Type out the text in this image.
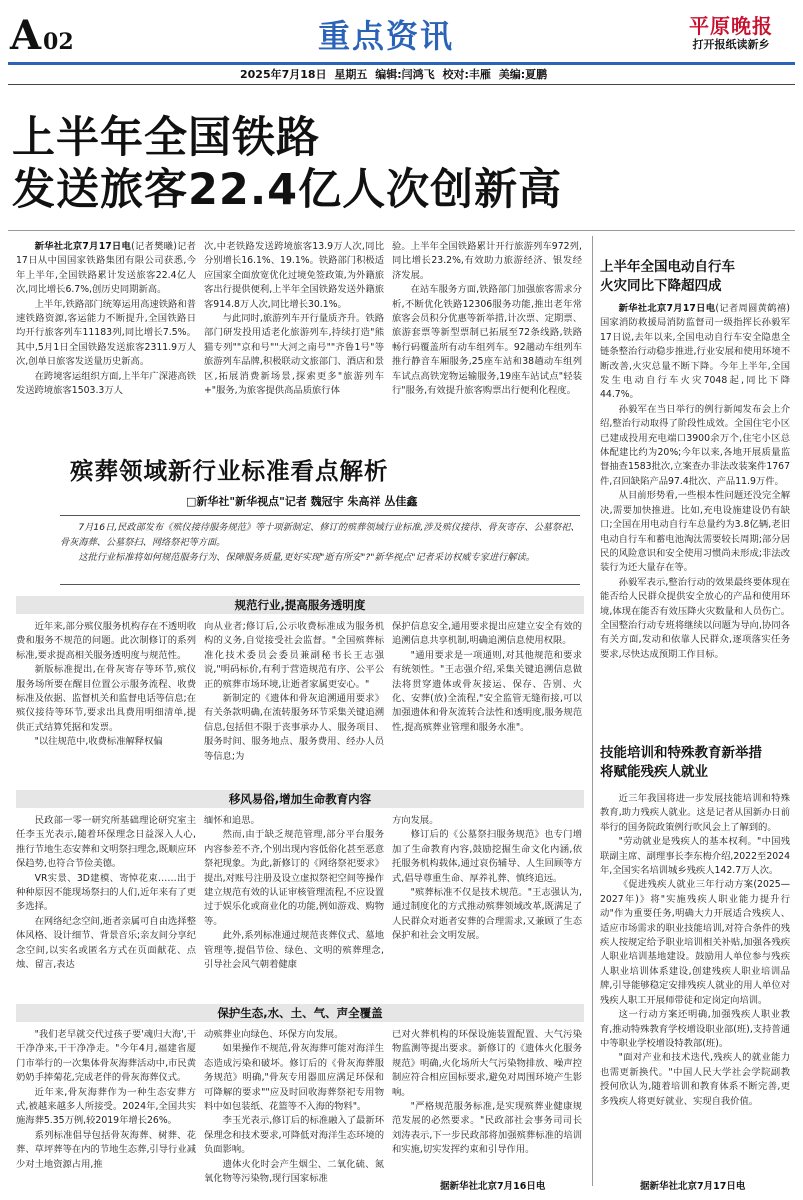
A02	重点资讯	平原晚报
打开报纸读新乡
2025年7月18日 星期五 编辑:闫鸿飞 校对:丰雁 美编:夏鹏
上半年全国铁路
发送旅客22.4亿人次创新高

新华社北京7月17日电(记者樊曦)记者17日从中国国家铁路集团有限公司获悉,今年上半年,全国铁路累计发送旅客22.4亿人次,同比增长6.7%,创历史同期新高。

上半年,铁路部门统筹运用高速铁路和普速铁路资源,客运能力不断提升,全国铁路日均开行旅客列车11183列,同比增长7.5%。其中,5月1日全国铁路发送旅客2311.9万人次,创单日旅客发送量历史新高。

在跨境客运组织方面,上半年广深港高铁发送跨境旅客1503.3万人

次,中老铁路发送跨境旅客13.9万人次,同比分别增长16.1%、19.1%。铁路部门积极适应国家全面放宽优化过境免签政策,为外籍旅客出行提供便利,上半年全国铁路发送外籍旅客914.8万人次,同比增长30.1%。

与此同时,旅游列车开行量质齐升。铁路部门研发投用适老化旅游列车,持续打造"熊猫专列""京和号""大河之南号""齐鲁1号"等旅游列车品牌,积极联动文旅部门、酒店和景区,拓展消费新场景,探索更多"旅游列车+"服务,为旅客提供高品质旅行体

验。上半年全国铁路累计开行旅游列车972列,同比增长23.2%,有效助力旅游经济、银发经济发展。

在站车服务方面,铁路部门加强旅客需求分析,不断优化铁路12306服务功能,推出老年常旅客会员积分优惠等新举措,计次票、定期票、旅游套票等新型票制已拓展至72条线路,铁路畅行码覆盖所有动车组列车。92趟动车组列车推行静音车厢服务,25座车站和38趟动车组列车试点高铁宠物运输服务,19座车站试点"轻装行"服务,有效提升旅客购票出行便利化程度。

上半年全国电动自行车
火灾同比下降超四成

新华社北京7月17日电(记者周圆黄鹤禧)国家消防救援局消防监督司一级指挥长孙毅军17日说,去年以来,全国电动自行车安全隐患全链条整治行动稳步推进,行业安展和使用环境不断改善,火灾总量不断下降。今年上半年,全国发生电动自行车火灾7048起,同比下降44.7%。

孙毅军在当日举行的例行新闻发布会上介绍,整治行动取得了阶段性成效。全国住宅小区已建成投用充电端口3900余万个,住宅小区总体配建比约为20%;今年以来,各地开展质量监督抽查1583批次,立案查办非法改装案件1767件,召回缺陷产品97.4批次、产品11.9万件。

从目前形势看,一些根本性问题还没完全解决,需要加快推进。比如,充电设施建设仍有缺口;全国在用电动自行车总量约为3.8亿辆,老旧电动自行车和蓄电池淘汰需要较长周期;部分居民的风险意识和安全使用习惯尚未形成;非法改装行为还大量存在等。

孙毅军表示,整治行动的效果最终要体现在能否给人民群众提供安全放心的产品和使用环境,体现在能否有效压降火灾数量和人员伤亡。全国整治行动专班将继续以问题为导向,协同各有关方面,发动和依靠人民群众,逐项落实任务要求,尽快达成预期工作目标。

技能培训和特殊教育新举措
将赋能残疾人就业

近三年我国将进一步发展技能培训和特殊教育,助力残疾人就业。这是记者从国新办日前举行的国务院政策例行吹风会上了解到的。

"劳动就业是残疾人的基本权利。"中国残联副主席、副理事长李东梅介绍,2022至2024年,全国实名培训城乡残疾人142.7万人次。

《促进残疾人就业三年行动方案(2025—2027年)》将"实施残疾人职业能力提升行动"作为重要任务,明确大力开展适合残疾人、适应市场需求的职业技能培训,对符合条件的残疾人按规定给予职业培训相关补贴,加强各残疾人职业培训基地建设。鼓励用人单位参与残疾人职业培训体系建设,创建残疾人职业培训品牌,引导能够稳定安排残疾人就业的用人单位对残疾人职工开展师带徒和定岗定向培训。

这一行动方案还明确,加强残疾人职业教育,推动特殊教育学校增设职业部(班),支持普通中等职业学校增设特教部(班)。

"面对产业和技术迭代,残疾人的就业能力也需更新换代。"中国人民大学社会学院副教授何欣认为,随着培训和教育体系不断完善,更多残疾人将更好就业、实现自我价值。

据新华社北京7月17日电
殡葬领域新行业标准看点解析
□新华社"新华视点"记者 魏冠宇 朱高祥 丛佳鑫

7月16日,民政部发布《殡仪接待服务规范》等十项新制定、修订的殡葬领域行业标准,涉及殡仪接待、骨灰寄存、公墓祭祀、骨灰海葬、公墓祭扫、网络祭祀等方面。

这批行业标准将如何规范服务行为、保障服务质量,更好实现"逝有所安"?"新华视点"记者采访权威专家进行解读。

规范行业,提高服务透明度

近年来,部分殡仪服务机构存在不透明收费和服务不规范的问题。此次制修订的系列标准,要求提高相关服务透明度与规范性。

新版标准提出,在骨灰寄存等环节,殡仪服务场所要在醒目位置公示服务流程、收费标准及依据、监督机关和监督电话等信息;在殡仪接待等环节,要求出具费用明细清单,提供正式结算凭据和发票。

"以往规范中,收费标准解释权偏

向从业者;修订后,公示收费标准成为服务机构的义务,自觉接受社会监督。"全国殡葬标准化技术委员会委员兼副秘书长王志强说,"明码标价,有利于营造规范有序、公平公正的殡葬市场环境,让逝者家属更安心。"

新制定的《遗体和骨灰追溯通用要求》有关条款明确,在流转服务环节采集关键追溯信息,包括但不限于丧事承办人、服务项目、服务时间、服务地点、服务费用、经办人员等信息;为

保护信息安全,通用要求提出应建立安全有效的追溯信息共享机制,明确追溯信息使用权限。

"通用要求是一项通则,对其他规范和要求有统领性。"王志强介绍,采集关键追溯信息做法将贯穿遗体或骨灰接运、保存、告别、火化、安葬(放)全流程,"安全监管无缝衔接,可以加强遗体和骨灰流转合法性和透明度,服务规范性,提高殡葬业管理和服务水准"。

移风易俗,增加生命教育内容

民政部一零一研究所基础理论研究室主任李玉光表示,随着环保理念日益深入人心,推行节地生态安葬和文明祭扫理念,既顺应环保趋势,也符合节俭美德。

VR实景、3D建模、寄悼花束……出于种种原因不能现场祭扫的人们,近年来有了更多选择。

在网络纪念空间,逝者亲属可自由选择整体风格、设计细节、背景音乐;亲友间分享纪念空间,以实名或匿名方式在页面献花、点烛、留言,表达

缅怀和追思。

然而,由于缺乏规范管理,部分平台服务内容参差不齐,个别出现内容低俗化甚至恶意祭祀现象。为此,新修订的《网络祭祀要求》提出,对账号注册及设立虚拟祭祀空间等操作建立规范有效的认证审核管理流程,不应设置过于娱乐化或商业化的功能,例如游戏、购物等。

此外,系列标准通过规范丧葬仪式、墓地管理等,提倡节俭、绿色、文明的殡葬理念,引导社会风气朝着健康

方向发展。

修订后的《公墓祭扫服务规范》也专门增加了生命教育内容,鼓励挖掘生命文化内涵,依托服务机构载体,通过哀伤辅导、人生回顾等方式,倡导尊重生命、厚养礼葬、慎终追远。

"殡葬标准不仅是技术规范。"王志强认为,通过制度化的方式推动殡葬领域改革,既满足了人民群众对逝者安葬的合理需求,又兼顾了生态保护和社会文明发展。

保护生态,水、土、气、声全覆盖

"我们老早就交代过孩子要'魂归大海',干干净净来,干干净净走。"今年4月,福建省厦门市举行的一次集体骨灰海葬活动中,市民黄奶奶手捧菊花,完成老伴的骨灰海葬仪式。

近年来,骨灰海葬作为一种生态安葬方式,被越来越多人所接受。2024年,全国共实施海葬5.35万例,较2019年增长26%。

系列标准倡导包括骨灰海葬、树葬、花葬、草坪葬等在内的节地生态葬,引导行业减少对土地资源占用,推

动殡葬业向绿色、环保方向发展。

如果操作不规范,骨灰海葬可能对海洋生态造成污染和破坏。修订后的《骨灰海葬服务规范》明确,"骨灰专用器皿应满足环保和可降解的要求""应及时回收海葬祭祀专用物料中如包装纸、花篮等不入海的物料"。

李玉光表示,修订后的标准融入了最新环保理念和技术要求,可降低对海洋生态环境的负面影响。

遗体火化时会产生烟尘、二氧化硫、氮氧化物等污染物,现行国家标准

已对火葬机构的环保设施装置配置、大气污染物监测等提出要求。新修订的《遗体火化服务规范》明确,火化场所大气污染物排放、噪声控制应符合相应国标要求,避免对周围环境产生影响。

"严格规范服务标准,是实现殡葬业健康规范发展的必然要求。"民政部社会事务司司长刘涛表示,下一步民政部将加强殡葬标准的培训和实施,切实发挥约束和引导作用。

据新华社北京7月16日电
